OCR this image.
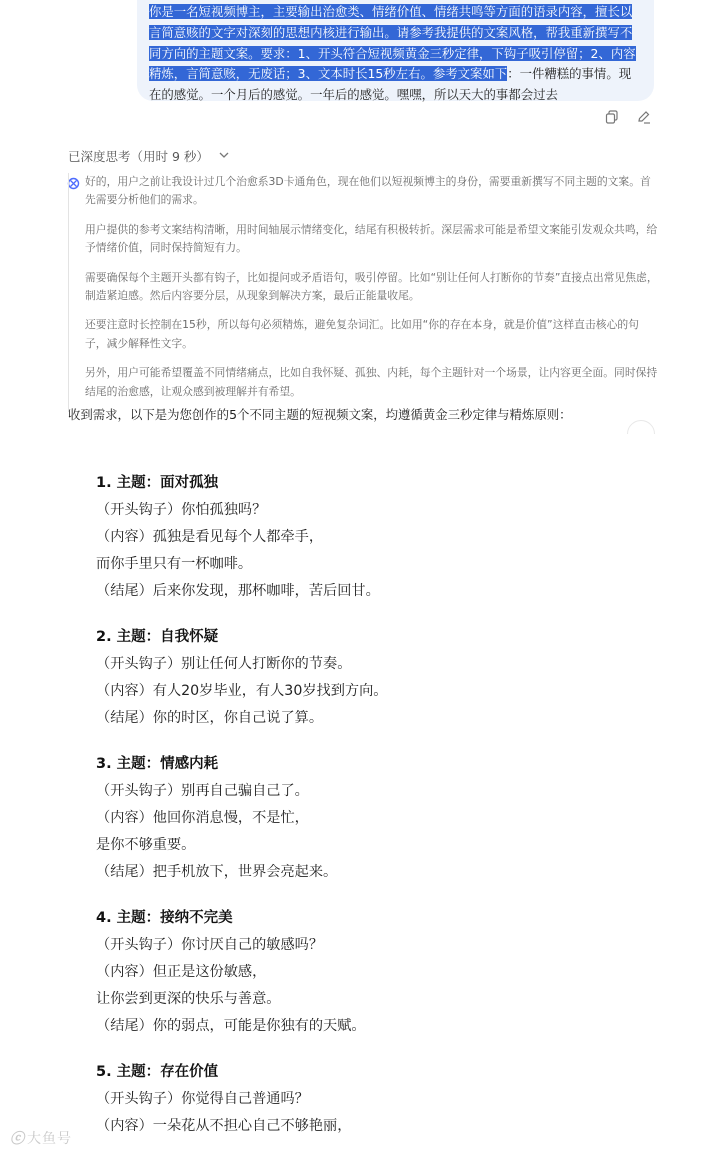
你是一名短视频博主，主要输出治愈类、情绪价值、情绪共鸣等方面的语录内容，擅长以言简意赅的文字对深刻的思想内核进行输出。请参考我提供的文案风格，帮我重新撰写不同方向的主题文案。要求：1、开头符合短视频黄金三秒定律，下钩子吸引停留；2、内容精炼，言简意赅，无废话；3、文本时长15秒左右。参考文案如下：一件糟糕的事情。现在的感觉。一个月后的感觉。一年后的感觉。嘿嘿，所以天大的事都会过去
已深度思考（用时 9 秒）

好的，用户之前让我设计过几个治愈系3D卡通角色，现在他们以短视频博主的身份，需要重新撰写不同主题的文案。首先需要分析他们的需求。

用户提供的参考文案结构清晰，用时间轴展示情绪变化，结尾有积极转折。深层需求可能是希望文案能引发观众共鸣，给予情绪价值，同时保持简短有力。

需要确保每个主题开头都有钩子，比如提问或矛盾语句，吸引停留。比如“别让任何人打断你的节奏”直接点出常见焦虑，制造紧迫感。然后内容要分层，从现象到解决方案，最后正能量收尾。

还要注意时长控制在15秒，所以每句必须精炼，避免复杂词汇。比如用“你的存在本身，就是价值”这样直击核心的句子，减少解释性文字。

另外，用户可能希望覆盖不同情绪痛点，比如自我怀疑、孤独、内耗，每个主题针对一个场景，让内容更全面。同时保持结尾的治愈感，让观众感到被理解并有希望。

收到需求，以下是为您创作的5个不同主题的短视频文案，均遵循黄金三秒定律与精炼原则：
1. 主题：面对孤独
（开头钩子）你怕孤独吗？
（内容）孤独是看见每个人都牵手，
而你手里只有一杯咖啡。
（结尾）后来你发现，那杯咖啡，苦后回甘。
2. 主题：自我怀疑
（开头钩子）别让任何人打断你的节奏。
（内容）有人20岁毕业，有人30岁找到方向。
（结尾）你的时区，你自己说了算。
3. 主题：情感内耗
（开头钩子）别再自己骗自己了。
（内容）他回你消息慢，不是忙，
是你不够重要。
（结尾）把手机放下，世界会亮起来。
4. 主题：接纳不完美
（开头钩子）你讨厌自己的敏感吗？
（内容）但正是这份敏感，
让你尝到更深的快乐与善意。
（结尾）你的弱点，可能是你独有的天赋。
5. 主题：存在价值
（开头钩子）你觉得自己普通吗？
（内容）一朵花从不担心自己不够艳丽，
ⓒ 大鱼号
